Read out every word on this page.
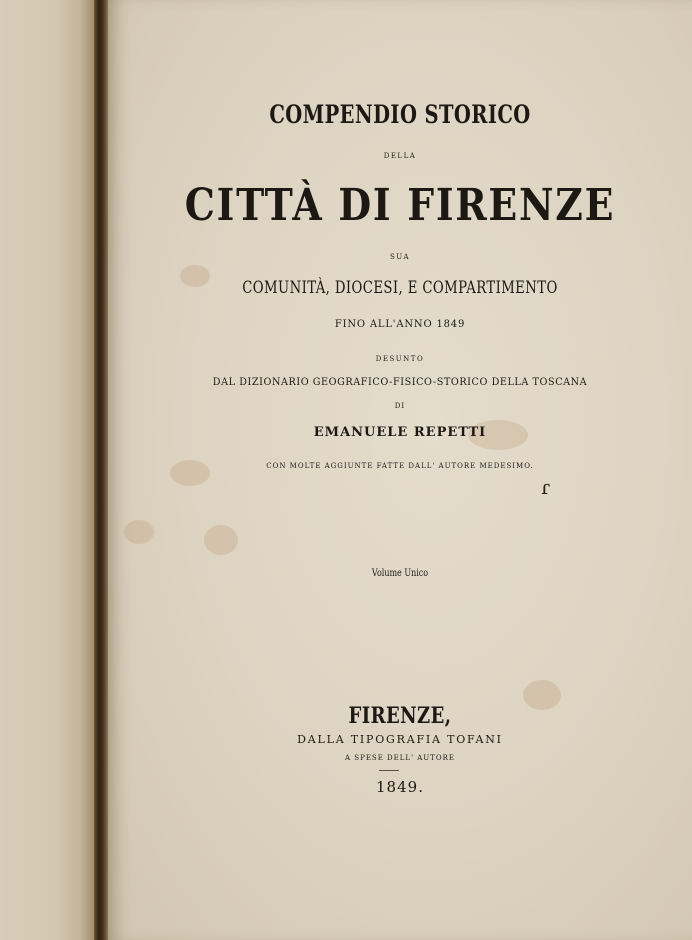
COMPENDIO STORICO
DELLA
CITTÀ DI FIRENZE
SUA
COMUNITÀ, DIOCESI, E COMPARTIMENTO
FINO ALL'ANNO 1849
DESUNTO
DAL DIZIONARIO GEOGRAFICO-FISICO-STORICO DELLA TOSCANA
DI
EMANUELE REPETTI
CON MOLTE AGGIUNTE FATTE DALL' AUTORE MEDESIMO.
Volume Unico
FIRENZE,
DALLA TIPOGRAFIA TOFANI
A SPESE DELL' AUTORE
1849.
ɾ
